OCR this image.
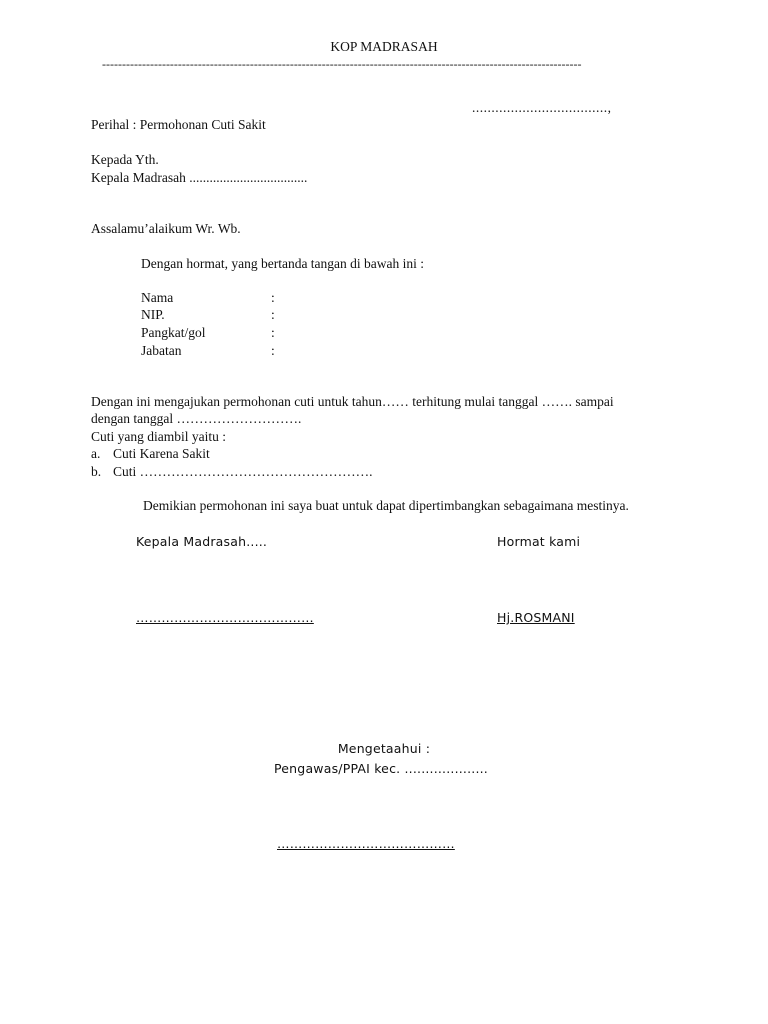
KOP MADRASAH
------------------------------------------------------------------------------------------------------------------------
...................................,
Perihal : Permohonan Cuti Sakit
Kepada Yth.
Kepala Madrasah ...................................
Assalamu’alaikum Wr. Wb.
Dengan hormat, yang bertanda tangan di bawah ini :
Nama	:
NIP.	:
Pangkat/gol	:
Jabatan	:
Dengan ini mengajukan permohonan cuti untuk tahun…… terhitung mulai tanggal ……. sampai
dengan tanggal ……………………….
Cuti yang diambil yaitu :
a. Cuti Karena Sakit
b. Cuti …………………………………………….
Demikian permohonan ini saya buat untuk dapat dipertimbangkan sebagaimana mestinya.
Kepala Madrasah.....	Hormat kami
……………………………………	Hj.ROSMANI
Mengetaahui :
Pengawas/PPAI kec. ....................
……………………………………
